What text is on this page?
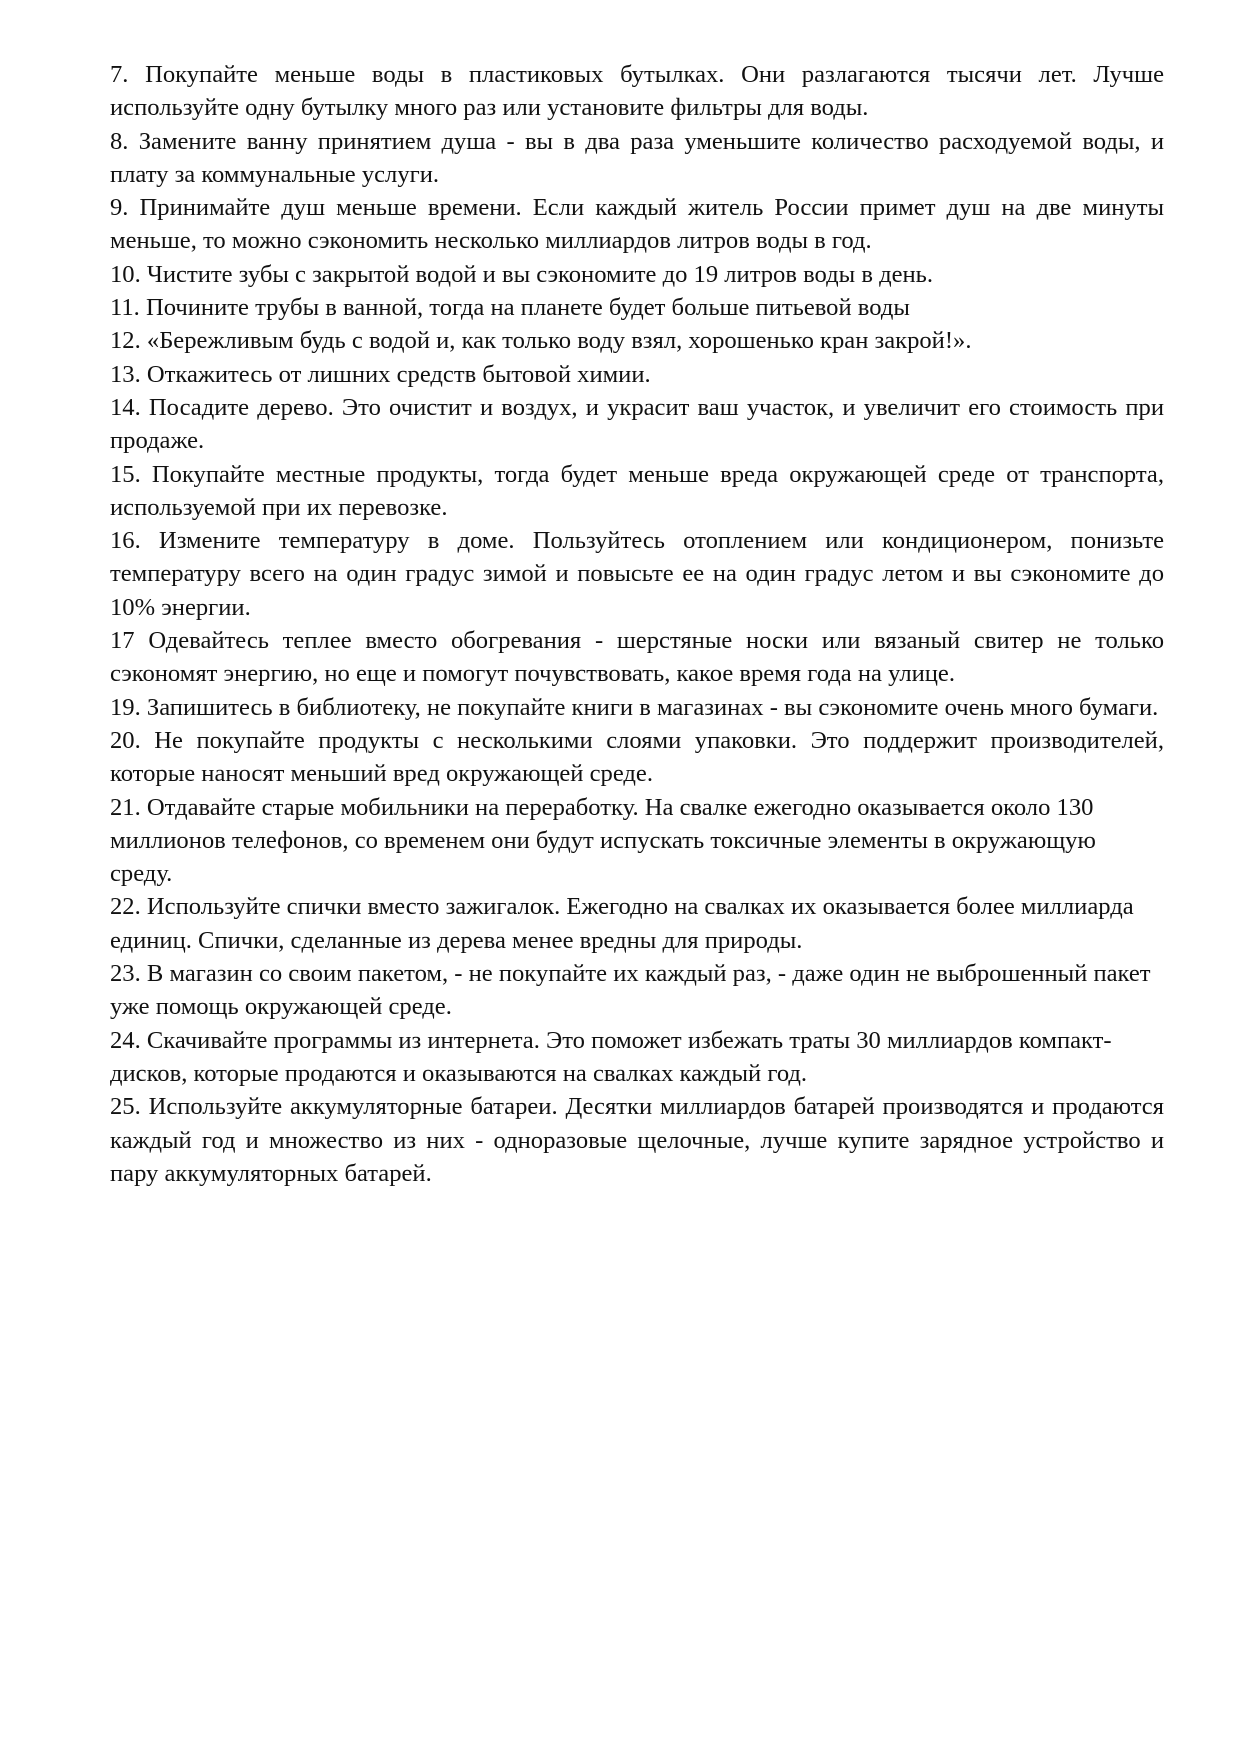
7. Покупайте меньше воды в пластиковых бутылках. Они разлагаются тысячи лет. Лучше используйте одну бутылку много раз или установите фильтры для воды.

8. Замените ванну принятием душа - вы в два раза уменьшите количество расходуемой воды, и плату за коммунальные услуги.

9. Принимайте душ меньше времени. Если каждый житель России примет душ на две минуты меньше, то можно сэкономить несколько миллиардов литров воды в год.

10. Чистите зубы с закрытой водой и вы сэкономите до 19 литров воды в день.

11. Почините трубы в ванной, тогда на планете будет больше питьевой воды

12. «Бережливым будь с водой и, как только воду взял, хорошенько кран закрой!».

13. Откажитесь от лишних средств бытовой химии.

14. Посадите дерево. Это очистит и воздух, и украсит ваш участок, и увеличит его стоимость при продаже.

15. Покупайте местные продукты, тогда будет меньше вреда окружающей среде от транспорта, используемой при их перевозке.

16. Измените температуру в доме. Пользуйтесь отоплением или кондиционером, понизьте температуру всего на один градус зимой и повысьте ее на один градус летом и вы сэкономите до 10% энергии.

17 Одевайтесь теплее вместо обогревания - шерстяные носки или вязаный свитер не только сэкономят энергию, но еще и помогут почувствовать, какое время года на улице.

19. Запишитесь в библиотеку, не покупайте книги в магазинах - вы сэкономите очень много бумаги.

20. Не покупайте продукты с несколькими слоями упаковки. Это поддержит производителей, которые наносят меньший вред окружающей среде.

21. Отдавайте старые мобильники на переработку. На свалке ежегодно оказывается около 130 миллионов телефонов, со временем они будут испускать токсичные элементы в окружающую среду.

22. Используйте спички вместо зажигалок. Ежегодно на свалках их оказывается более миллиарда единиц. Спички, сделанные из дерева менее вредны для природы.

23. В магазин со своим пакетом, - не покупайте их каждый раз, - даже один не выброшенный пакет уже помощь окружающей среде.

24. Скачивайте программы из интернета. Это поможет избежать траты 30 миллиардов компакт-дисков, которые продаются и оказываются на свалках каждый год.

25. Используйте аккумуляторные батареи. Десятки миллиардов батарей производятся и продаются каждый год и множество из них - одноразовые щелочные, лучше купите зарядное устройство и пару аккумуляторных батарей.
